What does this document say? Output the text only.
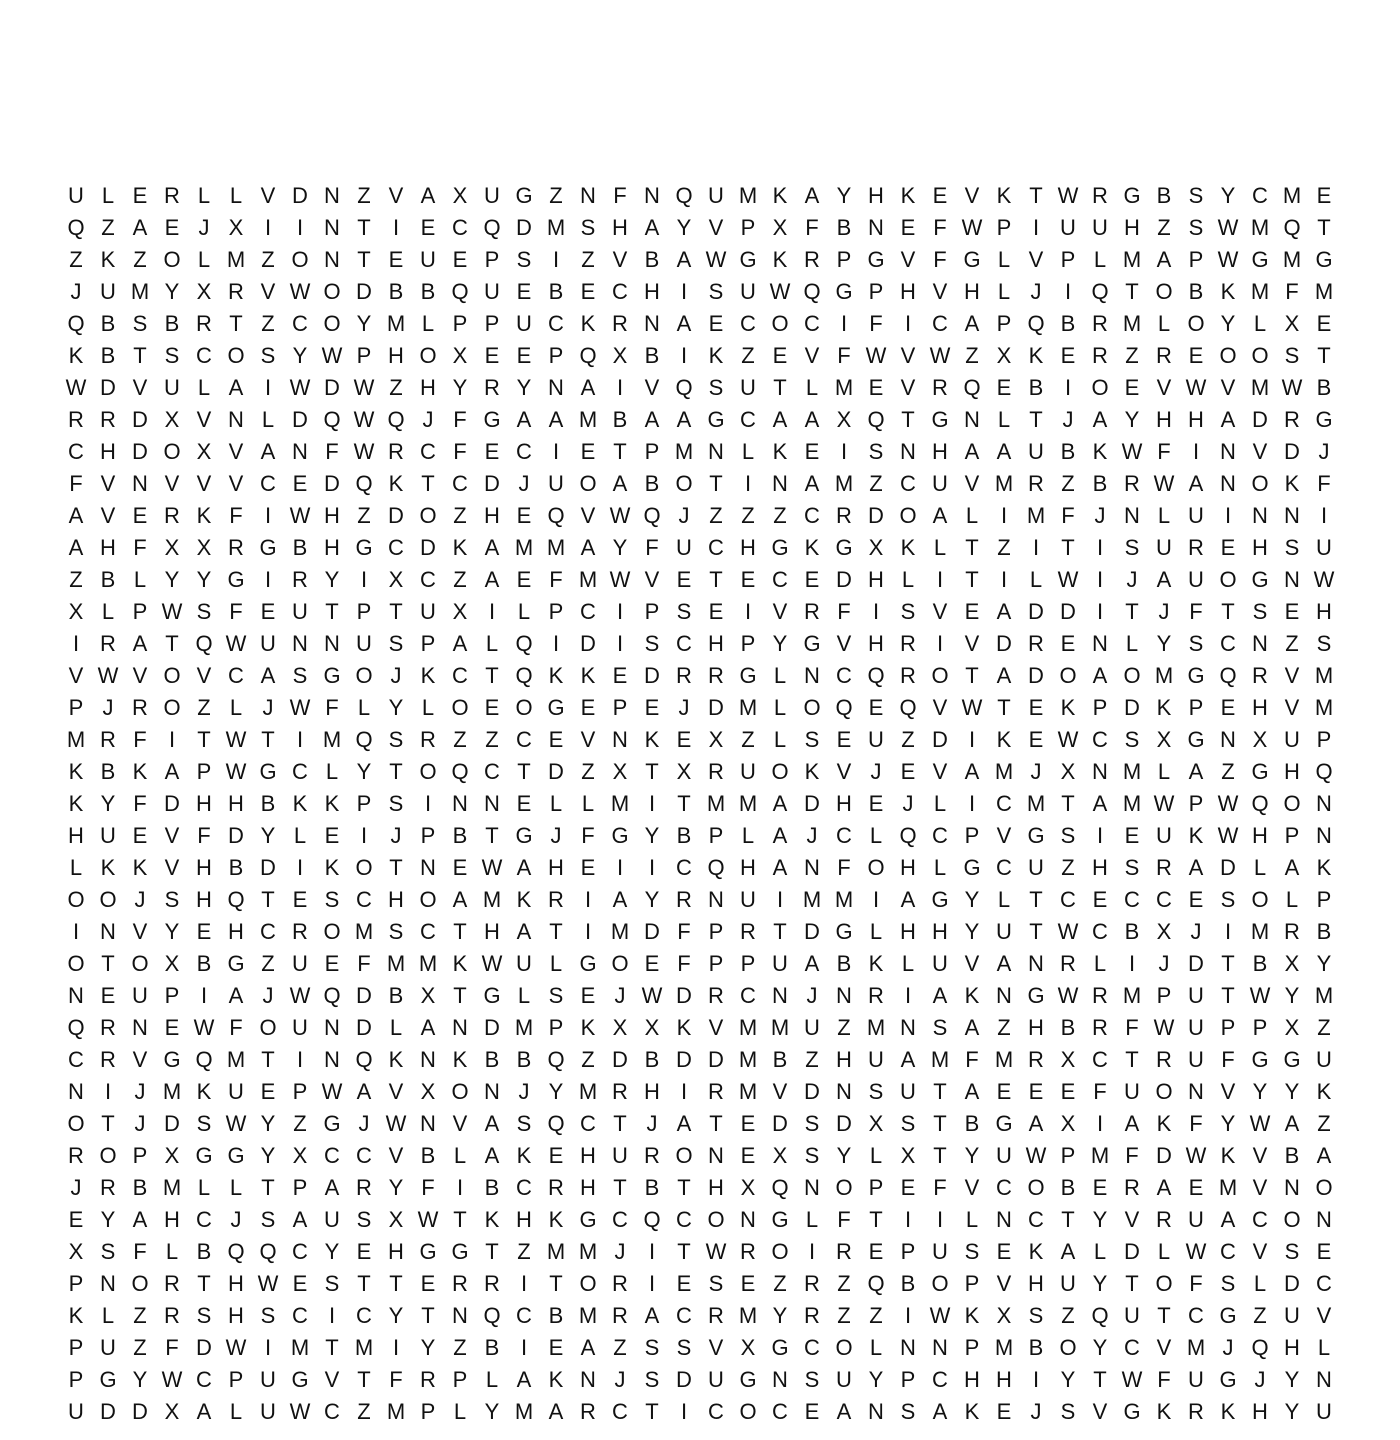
U L E R L L V D N Z V A X U G Z N F N Q U M K A Y H K E V K T W R G B S Y C M E
Q Z A E J X I	I N T	I E C Q D M S H A Y V P X F B N E F W P I U U H Z S W M Q T
Z K Z O L M Z O N T E U E P S I	Z V B A W G K R P G V F G L V P L M A P W G M G
J U M Y X R V W O D B B Q U E B E C H I S U W Q G P H V H L J	I Q T O B K M F M
Q B S B R T Z C O Y M L P P U C K R N A E C O C I	F	I C A P Q B R M L O Y L X E
K B T S C O S Y W P H O X E E P Q X B I K Z E V F W V W Z X K E R Z R E O O S T
W D V U L A I W D W Z H Y R Y N A I V Q S U T L M E V R Q E B I O E V W V M W B
R R D X V N L D Q W Q J F G A A M B A A G C A A X Q T G N L T J A Y H H A D R G
C H D O X V A N F W R C F E C I E T P M N L K E I S N H A A U B K W F	I N V D J
F V N V V V C E D Q K T C D J U O A B O T	I N A M Z C U V M R Z B R W A N O K F
A V E R K F	I W H Z D O Z H E Q V W Q J Z Z Z C R D O A L	I M F J N L U I N N I
A H F X X R G B H G C D K A M M A Y F U C H G K G X K L T Z	I	T	I S U R E H S U
Z B L Y Y G I R Y I X C Z A E F M W V E T E C E D H L	I	T	I	L W I	J A U O G N W
X L P W S F E U T P T U X I	L P C I P S E I V R F	I S V E A D D I	T J F T S E H
I R A T Q W U N N U S P A L Q I D I S C H P Y G V H R I V D R E N L Y S C N Z S
V W V O V C A S G O J K C T Q K K E D R R G L N C Q R O T A D O A O M G Q R V M
P J R O Z L J W F L Y L O E O G E P E J D M L O Q E Q V W T E K P D K P E H V M
M R F	I	T W T	I M Q S R Z Z C E V N K E X Z L S E U Z D I K E W C S X G N X U P
K B K A P W G C L Y T O Q C T D Z X T X R U O K V J E V A M J X N M L A Z G H Q
K Y F D H H B K K P S I N N E L L M I	T M M A D H E J L	I C M T A M W P W Q O N
H U E V F D Y L E I	J P B T G J F G Y B P L A J C L Q C P V G S I E U K W H P N
L K K V H B D I K O T N E W A H E I	I C Q H A N F O H L G C U Z H S R A D L A K
O O J S H Q T E S C H O A M K R I A Y R N U I M M I A G Y L T C E C C E S O L P
I N V Y E H C R O M S C T H A T	I M D F P R T D G L H H Y U T W C B X J	I M R B
O T O X B G Z U E F M M K W U L G O E F P P U A B K L U V A N R L	I	J D T B X Y
N E U P I A J W Q D B X T G L S E J W D R C N J N R I A K N G W R M P U T W Y M
Q R N E W F O U N D L A N D M P K X X K V M M U Z M N S A Z H B R F W U P P X Z
C R V G Q M T	I N Q K N K B B Q Z D B D D M B Z H U A M F M R X C T R U F G G U
N I	J M K U E P W A V X O N J Y M R H I R M V D N S U T A E E E F U O N V Y Y K
O T J D S W Y Z G J W N V A S Q C T J A T E D S D X S T B G A X I A K F Y W A Z
R O P X G G Y X C C V B L A K E H U R O N E X S Y L X T Y U W P M F D W K V B A
J R B M L L T P A R Y F	I B C R H T B T H X Q N O P E F V C O B E R A E M V N O
E Y A H C J S A U S X W T K H K G C Q C O N G L F T	I	I	L N C T Y V R U A C O N
X S F L B Q Q C Y E H G G T Z M M J	I	T W R O I R E P U S E K A L D L W C V S E
P N O R T H W E S T T E R R I	T O R I E S E Z R Z Q B O P V H U Y T O F S L D C
K L Z R S H S C I C Y T N Q C B M R A C R M Y R Z Z	I W K X S Z Q U T C G Z U V
P U Z F D W I M T M I Y Z B I E A Z S S V X G C O L N N P M B O Y C V M J Q H L
P G Y W C P U G V T F R P L A K N J S D U G N S U Y P C H H I Y T W F U G J Y N
U D D X A L U W C Z M P L Y M A R C T	I C O C E A N S A K E J S V G K R K H Y U
